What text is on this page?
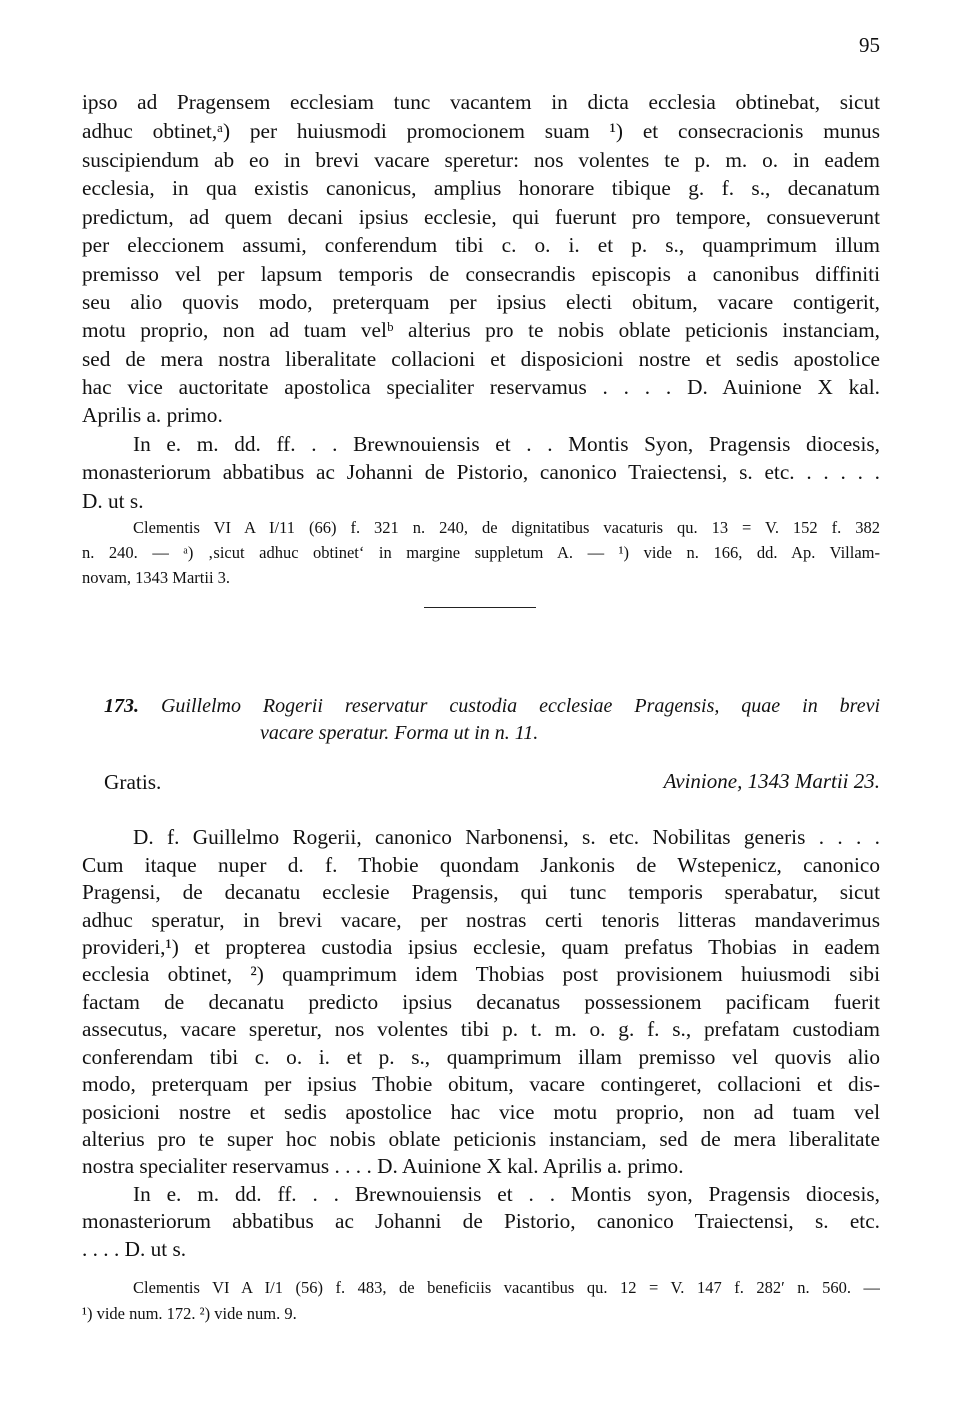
95
ipso ad Pragensem ecclesiam tunc vacantem in dicta ecclesia obtinebat, sicut
adhuc obtinet,ᵃ) per huiusmodi promocionem suam ¹) et consecracionis munus
suscipiendum ab eo in brevi vacare speretur: nos volentes te p. m. o. in eadem
ecclesia, in qua existis canonicus, amplius honorare tibique g. f. s., decanatum
predictum, ad quem decani ipsius ecclesie, qui fuerunt pro tempore, consueverunt
per eleccionem assumi, conferendum tibi c. o. i. et p. s., quamprimum illum
premisso vel per lapsum temporis de consecrandis episcopis a canonibus diffiniti
seu alio quovis modo, preterquam per ipsius electi obitum, vacare contigerit,
motu proprio, non ad tuam velᵇ alterius pro te nobis oblate peticionis instanciam,
sed de mera nostra liberalitate collacioni et disposicioni nostre et sedis apostolice
hac vice auctoritate apostolica specialiter reservamus . . . . D. Auinione X kal.
Aprilis a. primo.
In e. m. dd. ff. . . Brewnouiensis et . . Montis Syon, Pragensis diocesis,
monasteriorum abbatibus ac Johanni de Pistorio, canonico Traiectensi, s. etc. . . . . .
D. ut s.
Clementis VI A I/11 (66) f. 321 n. 240, de dignitatibus vacaturis qu. 13 = V. 152 f. 382
n. 240. — ᵃ) ‚sicut adhuc obtinet‘ in margine suppletum A. — ¹) vide n. 166, dd. Ap. Villam-
novam, 1343 Martii 3.
173. Guillelmo Rogerii reservatur custodia ecclesiae Pragensis, quae in brevi
vacare speratur. Forma ut in n. 11.
Gratis.	Avinione, 1343 Martii 23.
D. f. Guillelmo Rogerii, canonico Narbonensi, s. etc. Nobilitas generis . . . .
Cum itaque nuper d. f. Thobie quondam Jankonis de Wstepenicz, canonico
Pragensi, de decanatu ecclesie Pragensis, qui tunc temporis sperabatur, sicut
adhuc speratur, in brevi vacare, per nostras certi tenoris litteras mandaverimus
provideri,¹) et propterea custodia ipsius ecclesie, quam prefatus Thobias in eadem
ecclesia obtinet, ²) quamprimum idem Thobias post provisionem huiusmodi sibi
factam de decanatu predicto ipsius decanatus possessionem pacificam fuerit
assecutus, vacare speretur, nos volentes tibi p. t. m. o. g. f. s., prefatam custodiam
conferendam tibi c. o. i. et p. s., quamprimum illam premisso vel quovis alio
modo, preterquam per ipsius Thobie obitum, vacare contingeret, collacioni et dis-
posicioni nostre et sedis apostolice hac vice motu proprio, non ad tuam vel
alterius pro te super hoc nobis oblate peticionis instanciam, sed de mera liberalitate
nostra specialiter reservamus . . . . D. Auinione X kal. Aprilis a. primo.
In e. m. dd. ff. . . Brewnouiensis et . . Montis syon, Pragensis diocesis,
monasteriorum abbatibus ac Johanni de Pistorio, canonico Traiectensi, s. etc.
. . . . D. ut s.
Clementis VI A I/1 (56) f. 483, de beneficiis vacantibus qu. 12 = V. 147 f. 282′ n. 560. —
¹) vide num. 172. ²) vide num. 9.
